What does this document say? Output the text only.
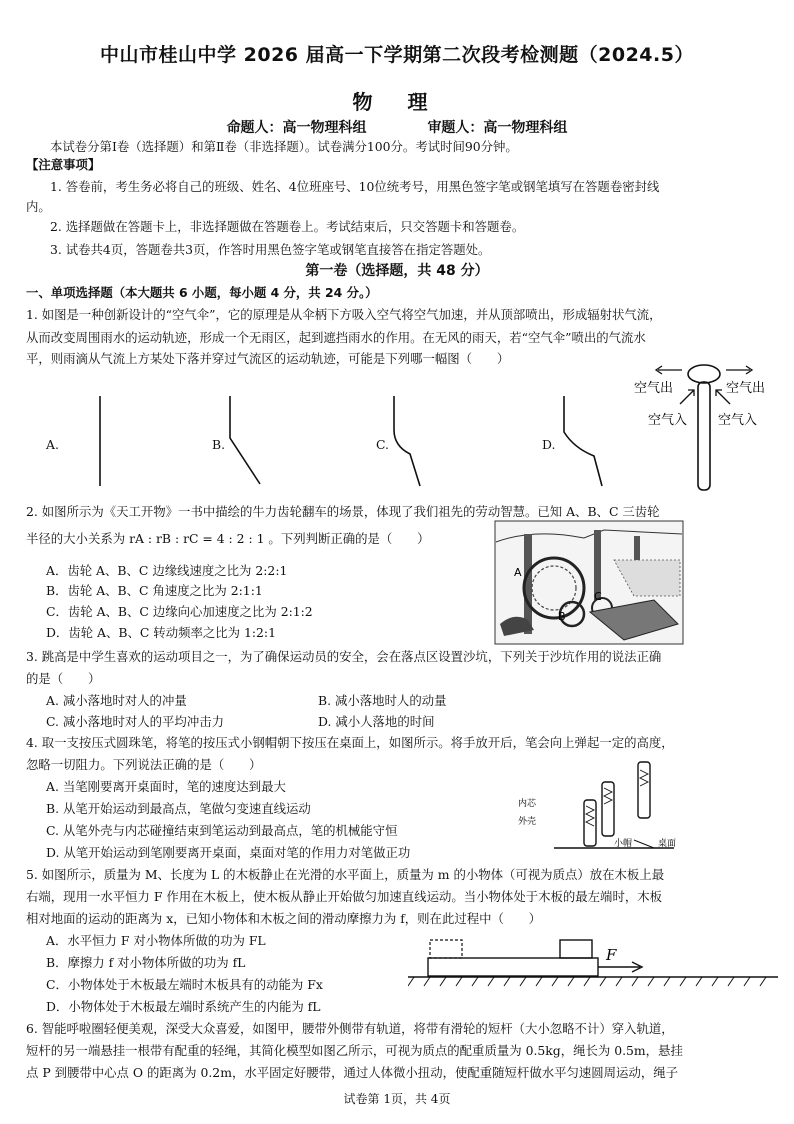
中山市桂山中学 2026 届高一下学期第二次段考检测题（2024.5）
物 理
命题人：高一物理科组	审题人：高一物理科组
本试卷分第Ⅰ卷（选择题）和第Ⅱ卷（非选择题）。试卷满分100分。考试时间90分钟。
【注意事项】
1. 答卷前，考生务必将自己的班级、姓名、4位班座号、10位统考号，用黑色签字笔或钢笔填写在答题卷密封线
内。
2. 选择题做在答题卡上，非选择题做在答题卷上。考试结束后，只交答题卡和答题卷。
3. 试卷共4页，答题卷共3页，作答时用黑色签字笔或钢笔直接答在指定答题处。
第一卷（选择题，共 48 分）
一、单项选择题（本大题共 6 小题，每小题 4 分，共 24 分。）
1. 如图是一种创新设计的“空气伞”，它的原理是从伞柄下方吸入空气将空气加速，并从顶部喷出，形成辐射状气流，
从而改变周围雨水的运动轨迹，形成一个无雨区，起到遮挡雨水的作用。在无风的雨天，若“空气伞”喷出的气流水
平，则雨滴从气流上方某处下落并穿过气流区的运动轨迹，可能是下列哪一幅图（　　）
A.	B.	C.	D.
空气出	空气出
空气入 空气入
2. 如图所示为《天工开物》一书中描绘的牛力齿轮翻车的场景，体现了我们祖先的劳动智慧。已知 A、B、C 三齿轮
半径的大小关系为 rA : rB : rC = 4 : 2 : 1 。下列判断正确的是（　　）
A．齿轮 A、B、C 边缘线速度之比为 2:2:1
B．齿轮 A、B、C 角速度之比为 2:1:1
C．齿轮 A、B、C 边缘向心加速度之比为 2:1:2
D．齿轮 A、B、C 转动频率之比为 1:2:1
A
B
C
3. 跳高是中学生喜欢的运动项目之一，为了确保运动员的安全，会在落点区设置沙坑，下列关于沙坑作用的说法正确
的是（　　）
A. 减小落地时对人的冲量	B. 减小落地时人的动量
C. 减小落地时对人的平均冲击力	D. 减小人落地的时间
4. 取一支按压式圆珠笔，将笔的按压式小钢帽朝下按压在桌面上，如图所示。将手放开后，笔会向上弹起一定的高度，
忽略一切阻力。下列说法正确的是（　　）
A. 当笔刚要离开桌面时，笔的速度达到最大
B. 从笔开始运动到最高点，笔做匀变速直线运动
C. 从笔外壳与内芯碰撞结束到笔运动到最高点，笔的机械能守恒
D. 从笔开始运动到笔刚要离开桌面，桌面对笔的作用力对笔做正功
内芯
外壳
小帽	桌面
5. 如图所示，质量为 M、长度为 L 的木板静止在光滑的水平面上，质量为 m 的小物体（可视为质点）放在木板上最
右端，现用一水平恒力 F 作用在木板上，使木板从静止开始做匀加速直线运动。当小物体处于木板的最左端时，木板
相对地面的运动的距离为 x，已知小物体和木板之间的滑动摩擦力为 f，则在此过程中（　　）
A．水平恒力 F 对小物体所做的功为 FL
B．摩擦力 f 对小物体所做的功为 fL
C．小物体处于木板最左端时木板具有的动能为 Fx
D．小物体处于木板最左端时系统产生的内能为 fL
F
6. 智能呼啦圈轻便美观，深受大众喜爱，如图甲，腰带外侧带有轨道，将带有滑轮的短杆（大小忽略不计）穿入轨道，
短杆的另一端悬挂一根带有配重的轻绳，其简化模型如图乙所示，可视为质点的配重质量为 0.5kg，绳长为 0.5m，悬挂
点 P 到腰带中心点 O 的距离为 0.2m，水平固定好腰带，通过人体微小扭动，使配重随短杆做水平匀速圆周运动，绳子
试卷第 1页，共 4页
